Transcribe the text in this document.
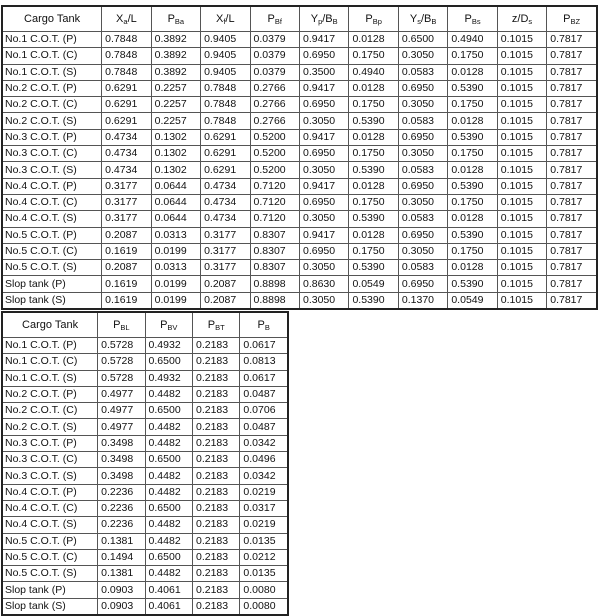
Cargo Tank	$X_a/L$	$P_{Ba}$	$X_f/L$	$P_{Bf}$	$Y_p/B_B$	$P_{Bp}$	$Y_s/B_B$	$P_{Bs}$	$z/D_s$	$P_{BZ}$
No.1 C.O.T. (P)	0.7848	0.3892	0.9405	0.0379	0.9417	0.0128	0.6500	0.4940	0.1015	0.7817
No.1 C.O.T. (C)	0.7848	0.3892	0.9405	0.0379	0.6950	0.1750	0.3050	0.1750	0.1015	0.7817
No.1 C.O.T. (S)	0.7848	0.3892	0.9405	0.0379	0.3500	0.4940	0.0583	0.0128	0.1015	0.7817
No.2 C.O.T. (P)	0.6291	0.2257	0.7848	0.2766	0.9417	0.0128	0.6950	0.5390	0.1015	0.7817
No.2 C.O.T. (C)	0.6291	0.2257	0.7848	0.2766	0.6950	0.1750	0.3050	0.1750	0.1015	0.7817
No.2 C.O.T. (S)	0.6291	0.2257	0.7848	0.2766	0.3050	0.5390	0.0583	0.0128	0.1015	0.7817
No.3 C.O.T. (P)	0.4734	0.1302	0.6291	0.5200	0.9417	0.0128	0.6950	0.5390	0.1015	0.7817
No.3 C.O.T. (C)	0.4734	0.1302	0.6291	0.5200	0.6950	0.1750	0.3050	0.1750	0.1015	0.7817
No.3 C.O.T. (S)	0.4734	0.1302	0.6291	0.5200	0.3050	0.5390	0.0583	0.0128	0.1015	0.7817
No.4 C.O.T. (P)	0.3177	0.0644	0.4734	0.7120	0.9417	0.0128	0.6950	0.5390	0.1015	0.7817
No.4 C.O.T. (C)	0.3177	0.0644	0.4734	0.7120	0.6950	0.1750	0.3050	0.1750	0.1015	0.7817
No.4 C.O.T. (S)	0.3177	0.0644	0.4734	0.7120	0.3050	0.5390	0.0583	0.0128	0.1015	0.7817
No.5 C.O.T. (P)	0.2087	0.0313	0.3177	0.8307	0.9417	0.0128	0.6950	0.5390	0.1015	0.7817
No.5 C.O.T. (C)	0.1619	0.0199	0.3177	0.8307	0.6950	0.1750	0.3050	0.1750	0.1015	0.7817
No.5 C.O.T. (S)	0.2087	0.0313	0.3177	0.8307	0.3050	0.5390	0.0583	0.0128	0.1015	0.7817
Slop tank (P)	0.1619	0.0199	0.2087	0.8898	0.8630	0.0549	0.6950	0.5390	0.1015	0.7817
Slop tank (S)	0.1619	0.0199	0.2087	0.8898	0.3050	0.5390	0.1370	0.0549	0.1015	0.7817
Cargo Tank	$P_{BL}$	$P_{BV}$	$P_{BT}$	$P_B$
No.1 C.O.T. (P)	0.5728	0.4932	0.2183	0.0617
No.1 C.O.T. (C)	0.5728	0.6500	0.2183	0.0813
No.1 C.O.T. (S)	0.5728	0.4932	0.2183	0.0617
No.2 C.O.T. (P)	0.4977	0.4482	0.2183	0.0487
No.2 C.O.T. (C)	0.4977	0.6500	0.2183	0.0706
No.2 C.O.T. (S)	0.4977	0.4482	0.2183	0.0487
No.3 C.O.T. (P)	0.3498	0.4482	0.2183	0.0342
No.3 C.O.T. (C)	0.3498	0.6500	0.2183	0.0496
No.3 C.O.T. (S)	0.3498	0.4482	0.2183	0.0342
No.4 C.O.T. (P)	0.2236	0.4482	0.2183	0.0219
No.4 C.O.T. (C)	0.2236	0.6500	0.2183	0.0317
No.4 C.O.T. (S)	0.2236	0.4482	0.2183	0.0219
No.5 C.O.T. (P)	0.1381	0.4482	0.2183	0.0135
No.5 C.O.T. (C)	0.1494	0.6500	0.2183	0.0212
No.5 C.O.T. (S)	0.1381	0.4482	0.2183	0.0135
Slop tank (P)	0.0903	0.4061	0.2183	0.0080
Slop tank (S)	0.0903	0.4061	0.2183	0.0080
